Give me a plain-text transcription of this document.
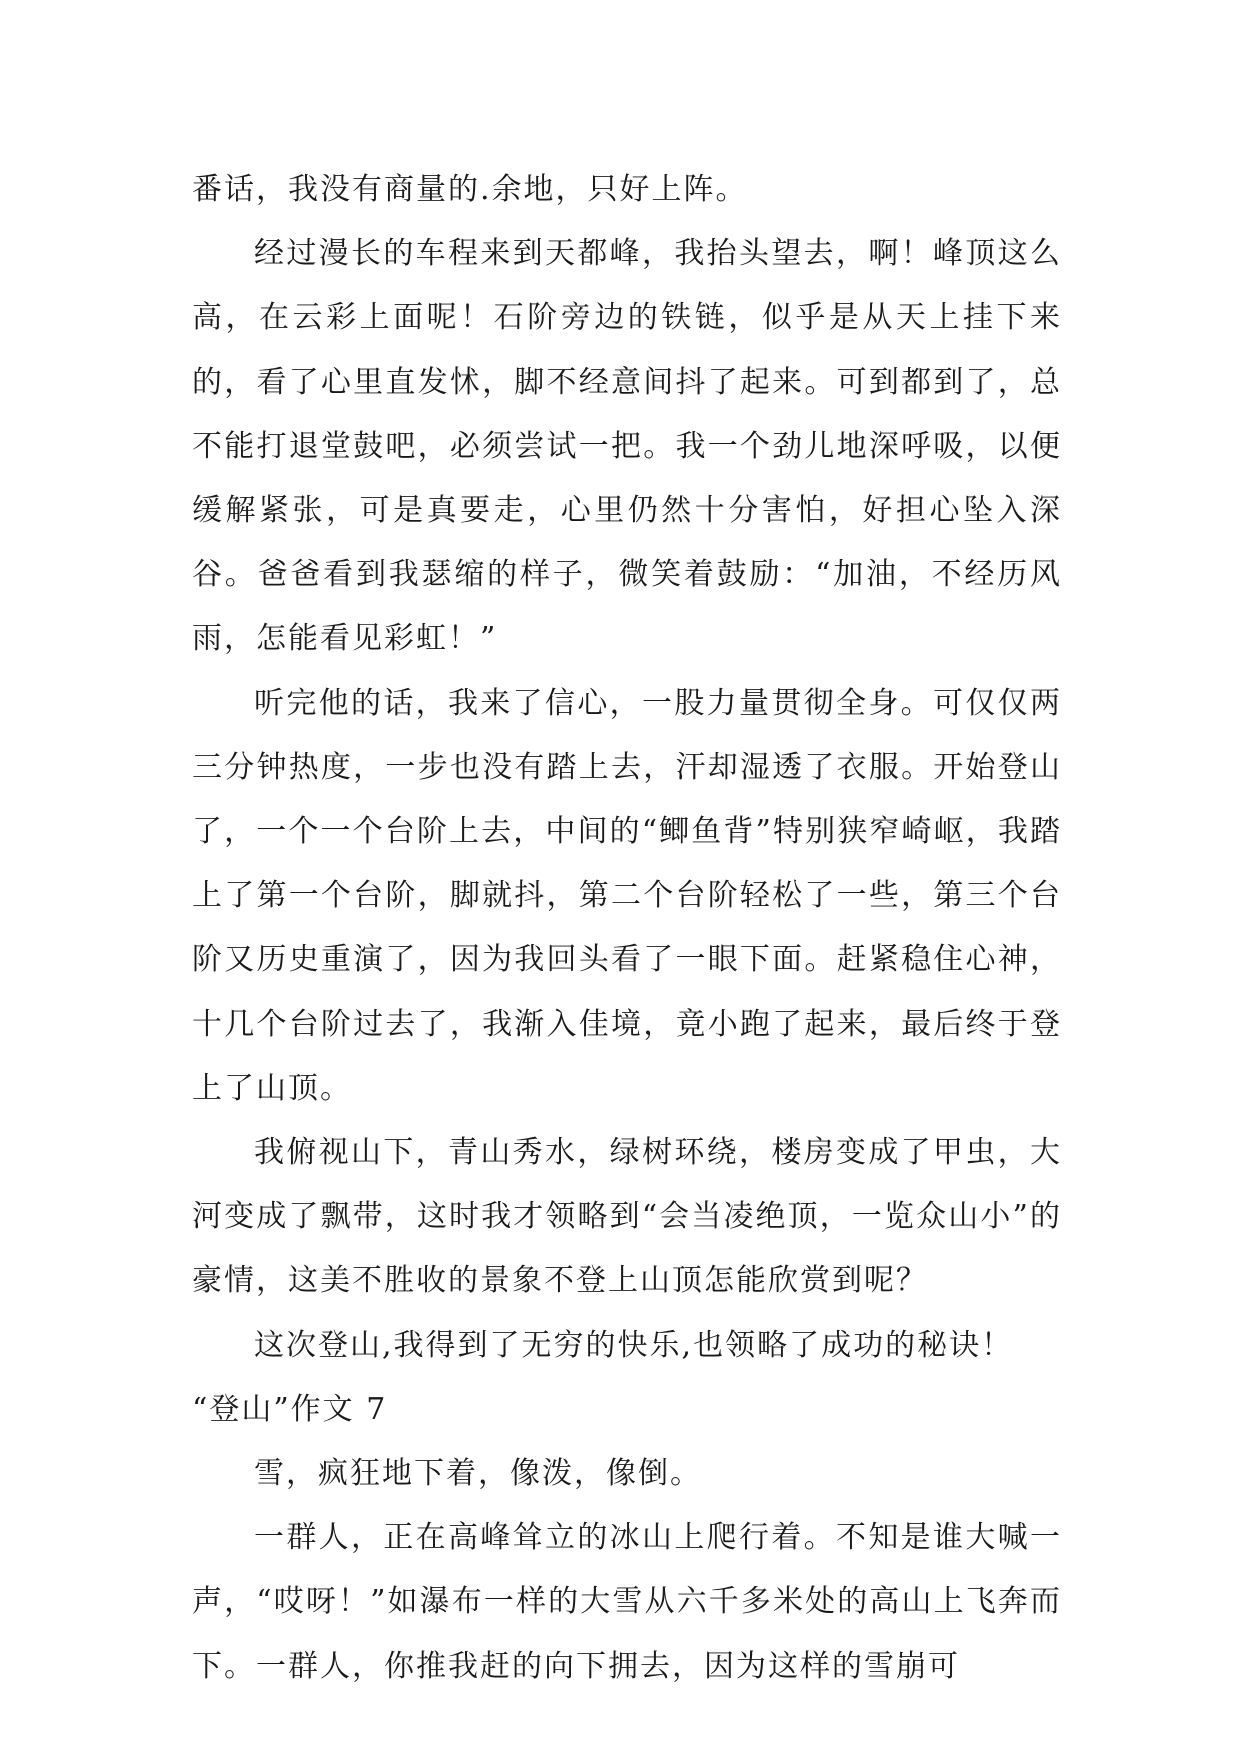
番话，我没有商量的.余地，只好上阵。

经过漫长的车程来到天都峰，我抬头望去，啊！峰顶这么高，在云彩上面呢！石阶旁边的铁链，似乎是从天上挂下来的，看了心里直发怵，脚不经意间抖了起来。可到都到了，总不能打退堂鼓吧，必须尝试一把。我一个劲儿地深呼吸，以便缓解紧张，可是真要走，心里仍然十分害怕，好担心坠入深谷。爸爸看到我瑟缩的样子，微笑着鼓励：“加油，不经历风雨，怎能看见彩虹！”

听完他的话，我来了信心，一股力量贯彻全身。可仅仅两三分钟热度，一步也没有踏上去，汗却湿透了衣服。开始登山了，一个一个台阶上去，中间的“鲫鱼背”特别狭窄崎岖，我踏上了第一个台阶，脚就抖，第二个台阶轻松了一些，第三个台阶又历史重演了，因为我回头看了一眼下面。赶紧稳住心神，十几个台阶过去了，我渐入佳境，竟小跑了起来，最后终于登上了山顶。

我俯视山下，青山秀水，绿树环绕，楼房变成了甲虫，大河变成了飘带，这时我才领略到“会当凌绝顶，一览众山小”的豪情，这美不胜收的景象不登上山顶怎能欣赏到呢？

这次登山,我得到了无穷的快乐,也领略了成功的秘诀！

“登山”作文 7

雪，疯狂地下着，像泼，像倒。

一群人，正在高峰耸立的冰山上爬行着。不知是谁大喊一声，“哎呀！”如瀑布一样的大雪从六千多米处的高山上飞奔而下。一群人，你推我赶的向下拥去，因为这样的雪崩可
